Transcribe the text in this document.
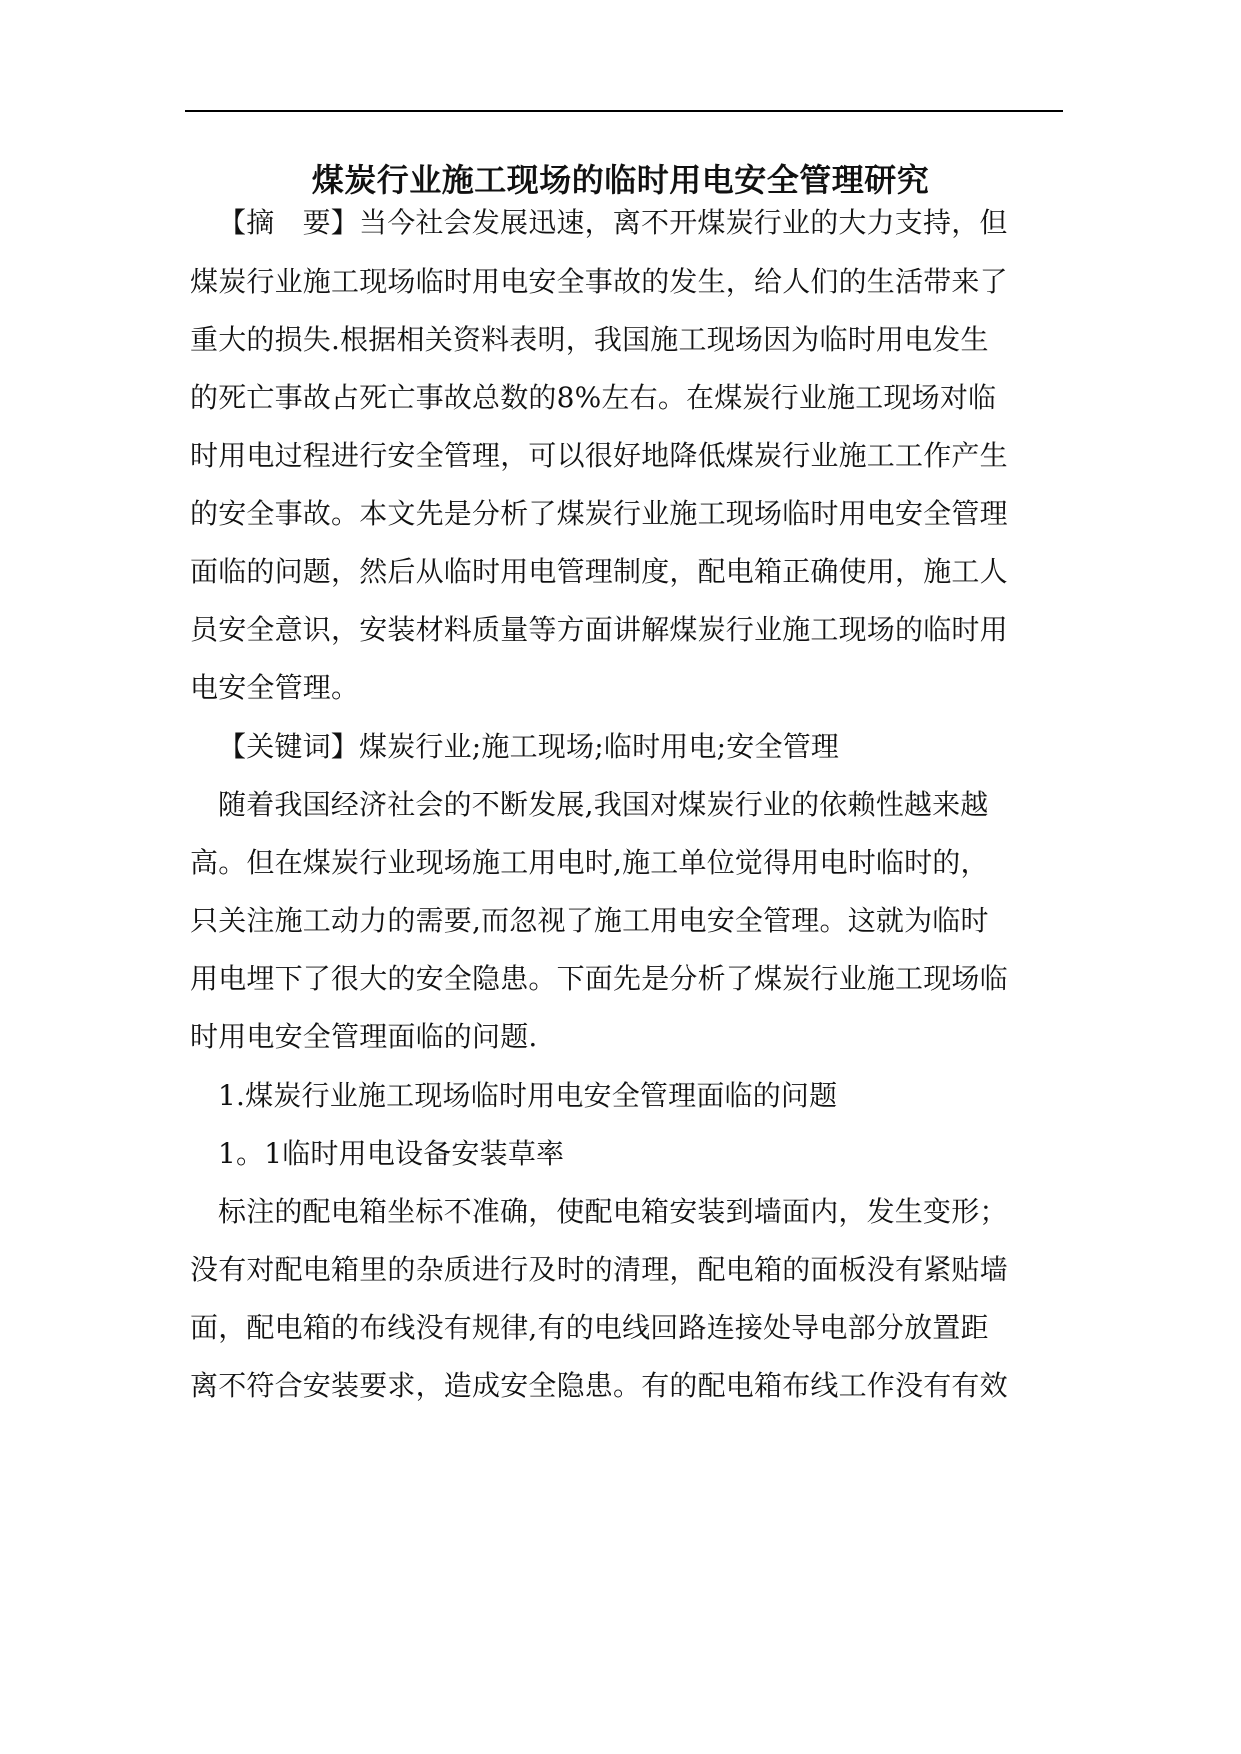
煤炭行业施工现场的临时用电安全管理研究
【摘　要】当今社会发展迅速，离不开煤炭行业的大力支持，但
煤炭行业施工现场临时用电安全事故的发生，给人们的生活带来了
重大的损失.根据相关资料表明，我国施工现场因为临时用电发生
的死亡事故占死亡事故总数的8%左右。在煤炭行业施工现场对临
时用电过程进行安全管理，可以很好地降低煤炭行业施工工作产生
的安全事故。本文先是分析了煤炭行业施工现场临时用电安全管理
面临的问题，然后从临时用电管理制度，配电箱正确使用，施工人
员安全意识，安装材料质量等方面讲解煤炭行业施工现场的临时用
电安全管理。
【关键词】煤炭行业;施工现场;临时用电;安全管理
随着我国经济社会的不断发展,我国对煤炭行业的依赖性越来越
高。但在煤炭行业现场施工用电时,施工单位觉得用电时临时的，
只关注施工动力的需要,而忽视了施工用电安全管理。这就为临时
用电埋下了很大的安全隐患。下面先是分析了煤炭行业施工现场临
时用电安全管理面临的问题.
1.煤炭行业施工现场临时用电安全管理面临的问题
1。1临时用电设备安装草率
标注的配电箱坐标不准确，使配电箱安装到墙面内，发生变形；
没有对配电箱里的杂质进行及时的清理，配电箱的面板没有紧贴墙
面，配电箱的布线没有规律,有的电线回路连接处导电部分放置距
离不符合安装要求，造成安全隐患。有的配电箱布线工作没有有效
